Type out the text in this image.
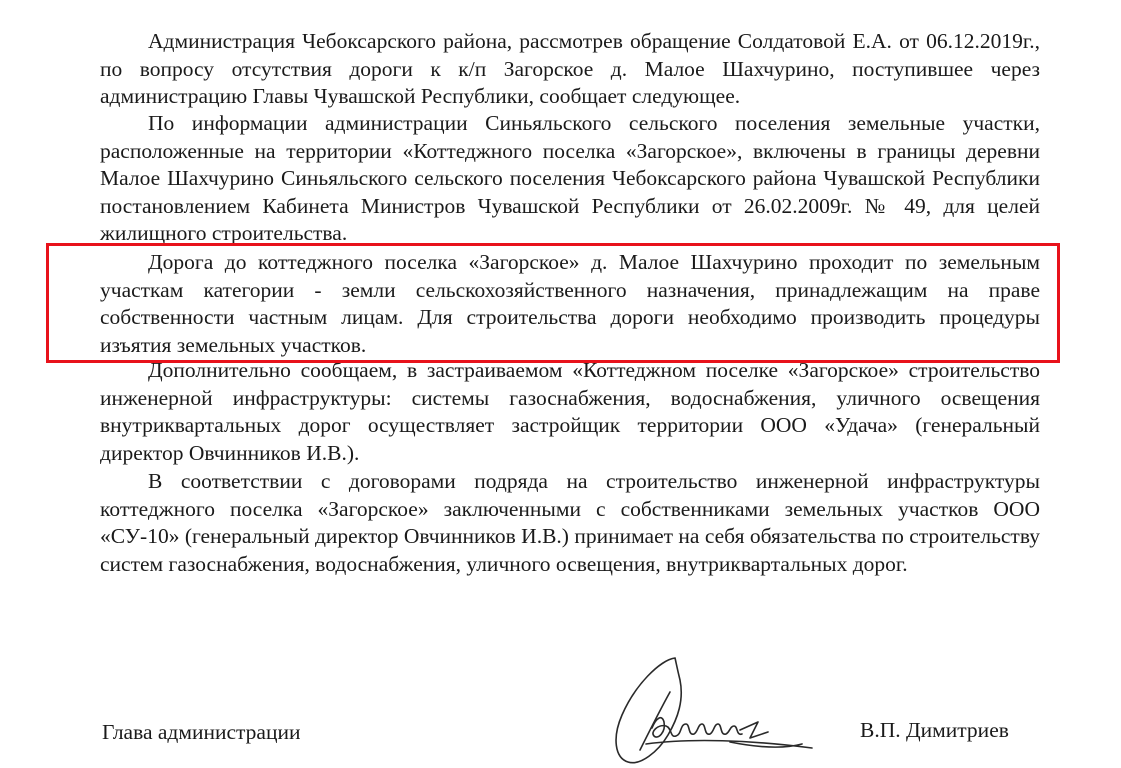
Администрация Чебоксарского района, рассмотрев обращение Солдатовой Е.А. от 06.12.2019г., по вопросу отсутствия дороги к к/п Загорское д. Малое Шахчурино, поступившее через администрацию Главы Чувашской Республики, сообщает следующее.

По информации администрации Синьяльского сельского поселения земельные участки, расположенные на территории «Коттеджного поселка «Загорское», включены в границы деревни Малое Шахчурино Синьяльского сельского поселения Чебоксарского района Чувашской Республики постановлением Кабинета Министров Чувашской Республики от 26.02.2009г. № 49, для целей жилищного строительства.

Дорога до коттеджного поселка «Загорское» д. Малое Шахчурино проходит по земельным участкам категории - земли сельскохозяйственного назначения, принадлежащим на праве собственности частным лицам. Для строительства дороги необходимо производить процедуры изъятия земельных участков.

Дополнительно сообщаем, в застраиваемом «Коттеджном поселке «Загорское» строительство инженерной инфраструктуры: системы газоснабжения, водоснабжения, уличного освещения внутриквартальных дорог осуществляет застройщик территории ООО «Удача» (генеральный директор Овчинников И.В.).

В соответствии с договорами подряда на строительство инженерной инфраструктуры коттеджного поселка «Загорское» заключенными с собственниками земельных участков ООО «СУ-10» (генеральный директор Овчинников И.В.) принимает на себя обязательства по строительству систем газоснабжения, водоснабжения, уличного освещения, внутриквартальных дорог.

Глава администрации	В.П. Димитриев
